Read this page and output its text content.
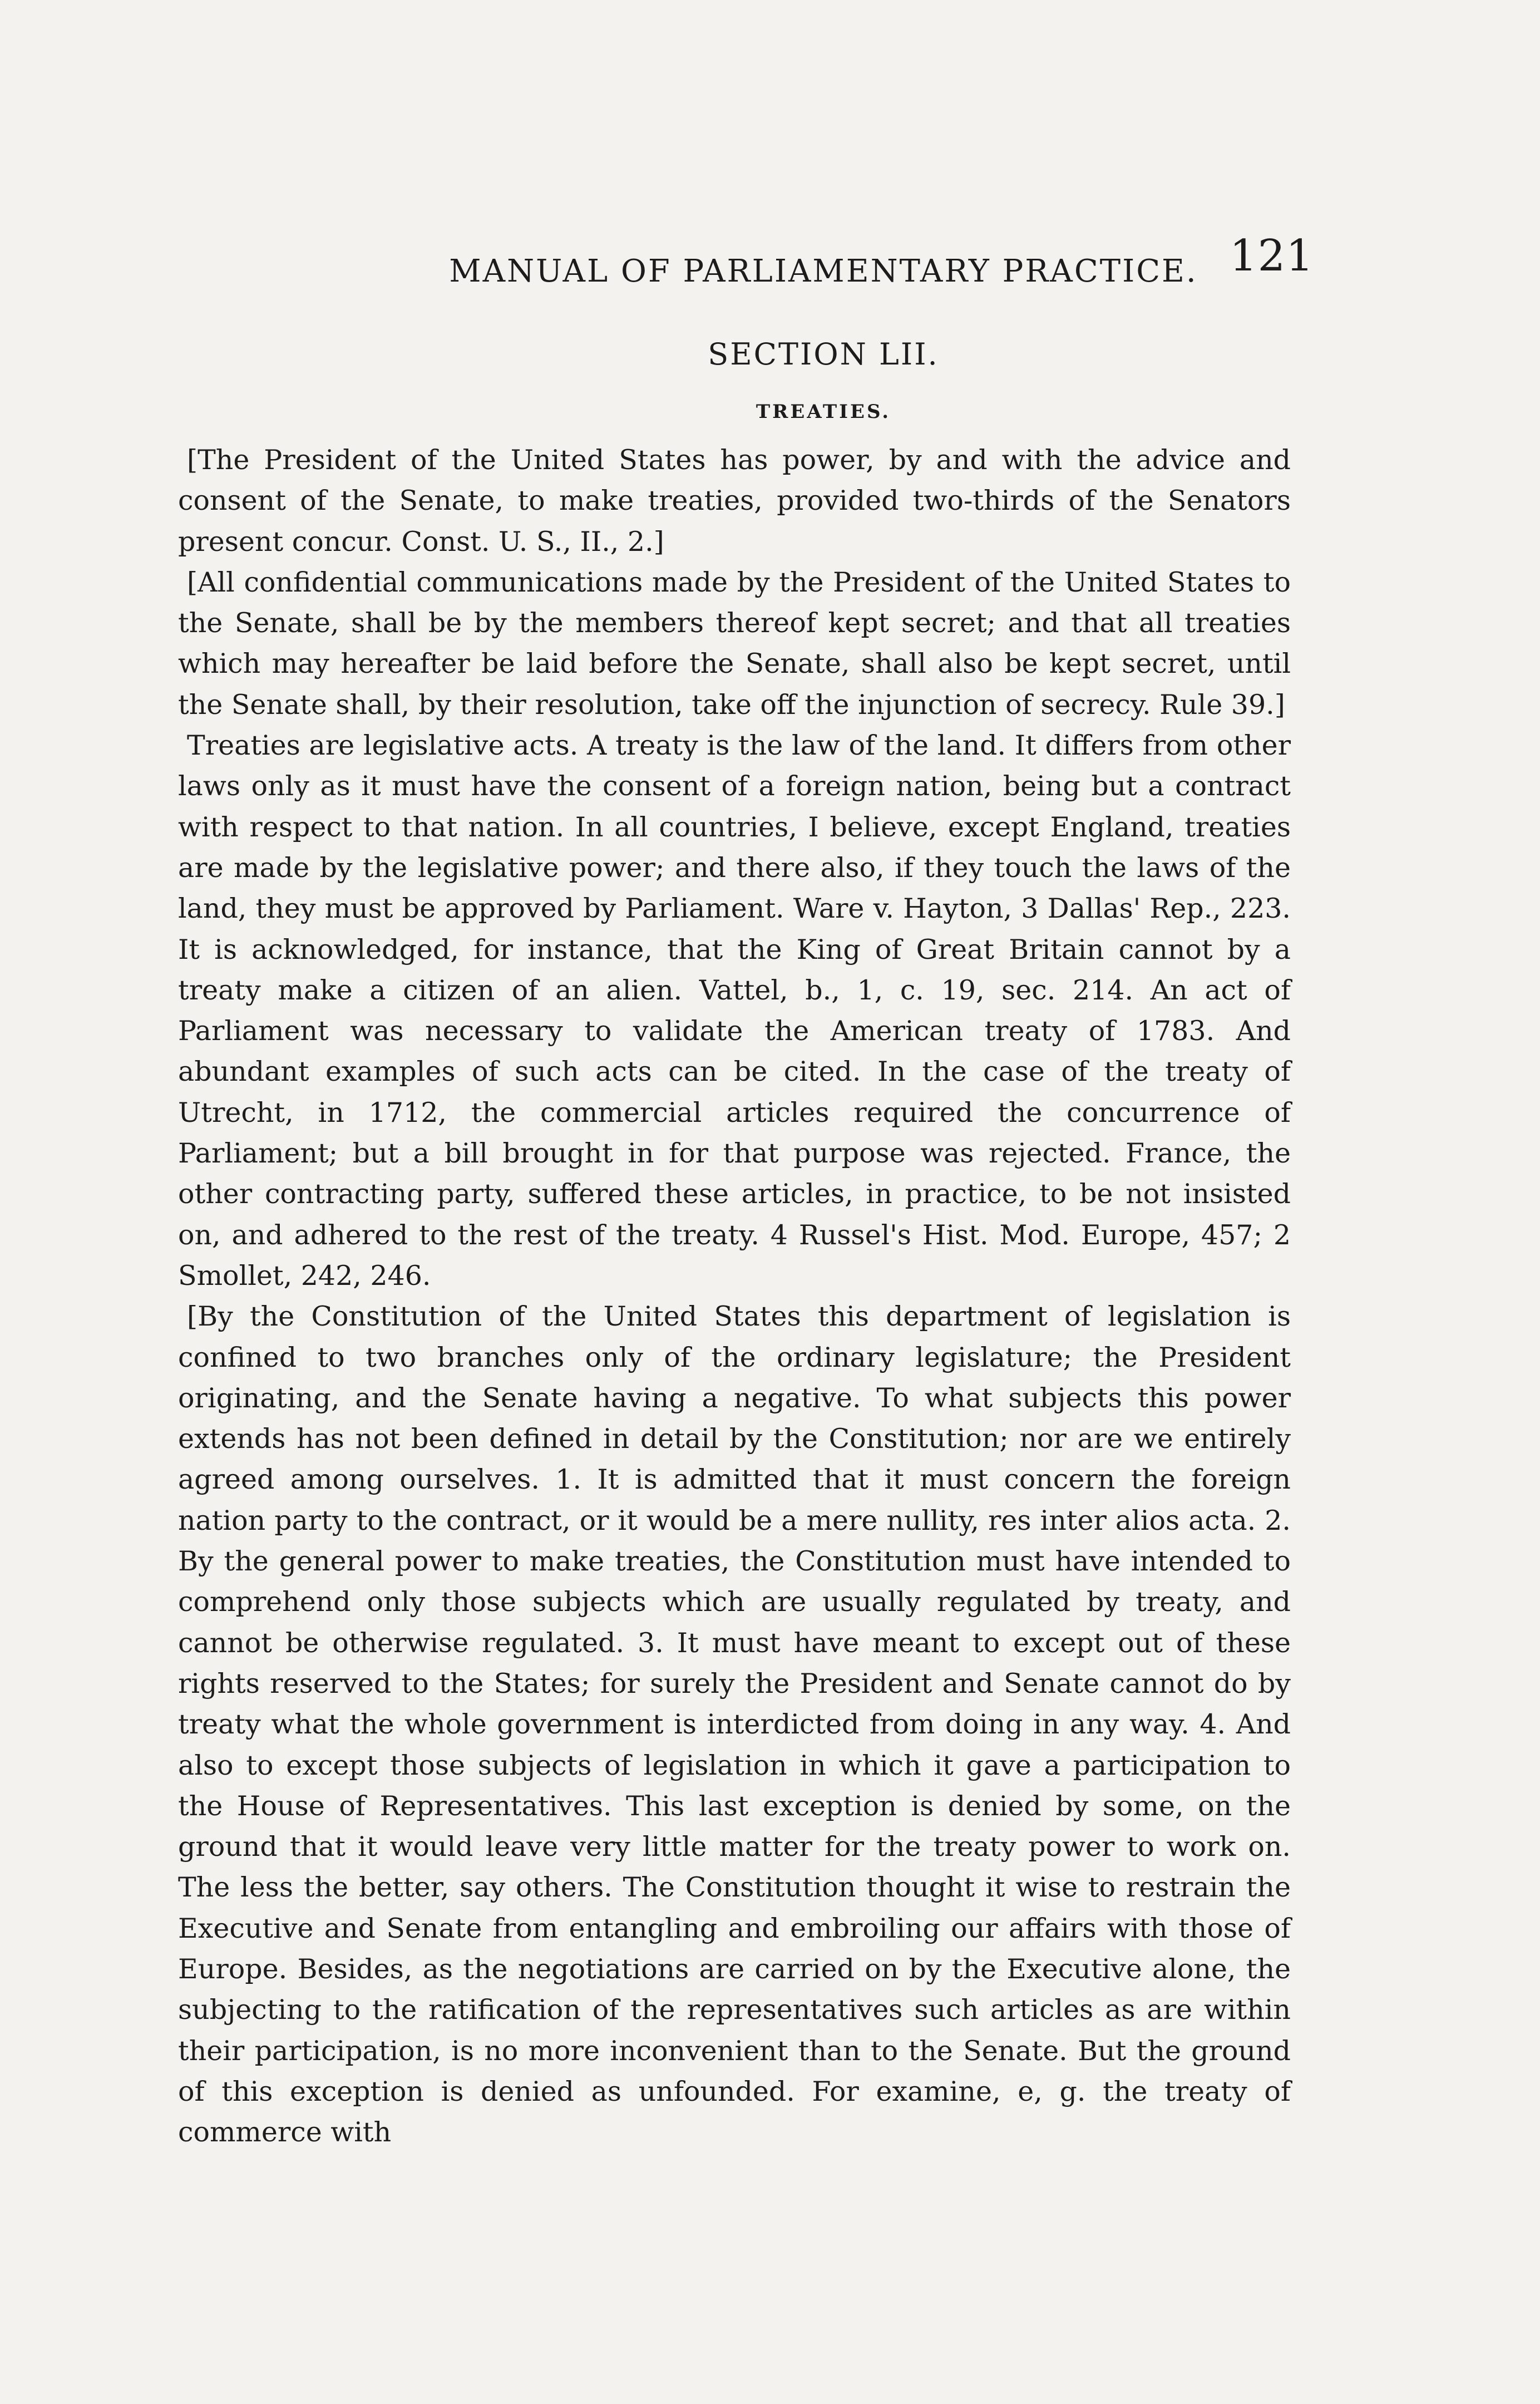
MANUAL OF PARLIAMENTARY PRACTICE. 121
SECTION LII.
TREATIES.

[The President of the United States has power, by and with the advice and consent of the Senate, to make treaties, provided two-thirds of the Senators present concur. Const. U. S., II., 2.]

[All confidential communications made by the President of the United States to the Senate, shall be by the members thereof kept secret; and that all treaties which may hereafter be laid before the Senate, shall also be kept secret, until the Senate shall, by their resolution, take off the injunction of secrecy. Rule 39.]

Treaties are legislative acts. A treaty is the law of the land. It differs from other laws only as it must have the consent of a foreign nation, being but a contract with respect to that nation. In all countries, I believe, except England, treaties are made by the legislative power; and there also, if they touch the laws of the land, they must be approved by Parliament. Ware v. Hayton, 3 Dallas' Rep., 223. It is acknowledged, for instance, that the King of Great Britain cannot by a treaty make a citizen of an alien. Vattel, b., 1, c. 19, sec. 214. An act of Parliament was necessary to validate the American treaty of 1783. And abundant examples of such acts can be cited. In the case of the treaty of Utrecht, in 1712, the commercial articles required the concurrence of Parliament; but a bill brought in for that purpose was rejected. France, the other contracting party, suffered these articles, in practice, to be not insisted on, and adhered to the rest of the treaty. 4 Russel's Hist. Mod. Europe, 457; 2 Smollet, 242, 246.

[By the Constitution of the United States this department of legislation is confined to two branches only of the ordinary legislature; the President originating, and the Senate having a negative. To what subjects this power extends has not been defined in detail by the Constitution; nor are we entirely agreed among ourselves. 1. It is admitted that it must concern the foreign nation party to the contract, or it would be a mere nullity, res inter alios acta. 2. By the general power to make treaties, the Constitution must have intended to comprehend only those subjects which are usually regulated by treaty, and cannot be otherwise regulated. 3. It must have meant to except out of these rights reserved to the States; for surely the President and Senate cannot do by treaty what the whole government is interdicted from doing in any way. 4. And also to except those subjects of legislation in which it gave a participation to the House of Representatives. This last exception is denied by some, on the ground that it would leave very little matter for the treaty power to work on. The less the better, say others. The Constitution thought it wise to restrain the Executive and Senate from entangling and embroiling our affairs with those of Europe. Besides, as the negotiations are carried on by the Executive alone, the subjecting to the ratification of the representatives such articles as are within their participation, is no more inconvenient than to the Senate. But the ground of this exception is denied as unfounded. For examine, e, g. the treaty of commerce with
